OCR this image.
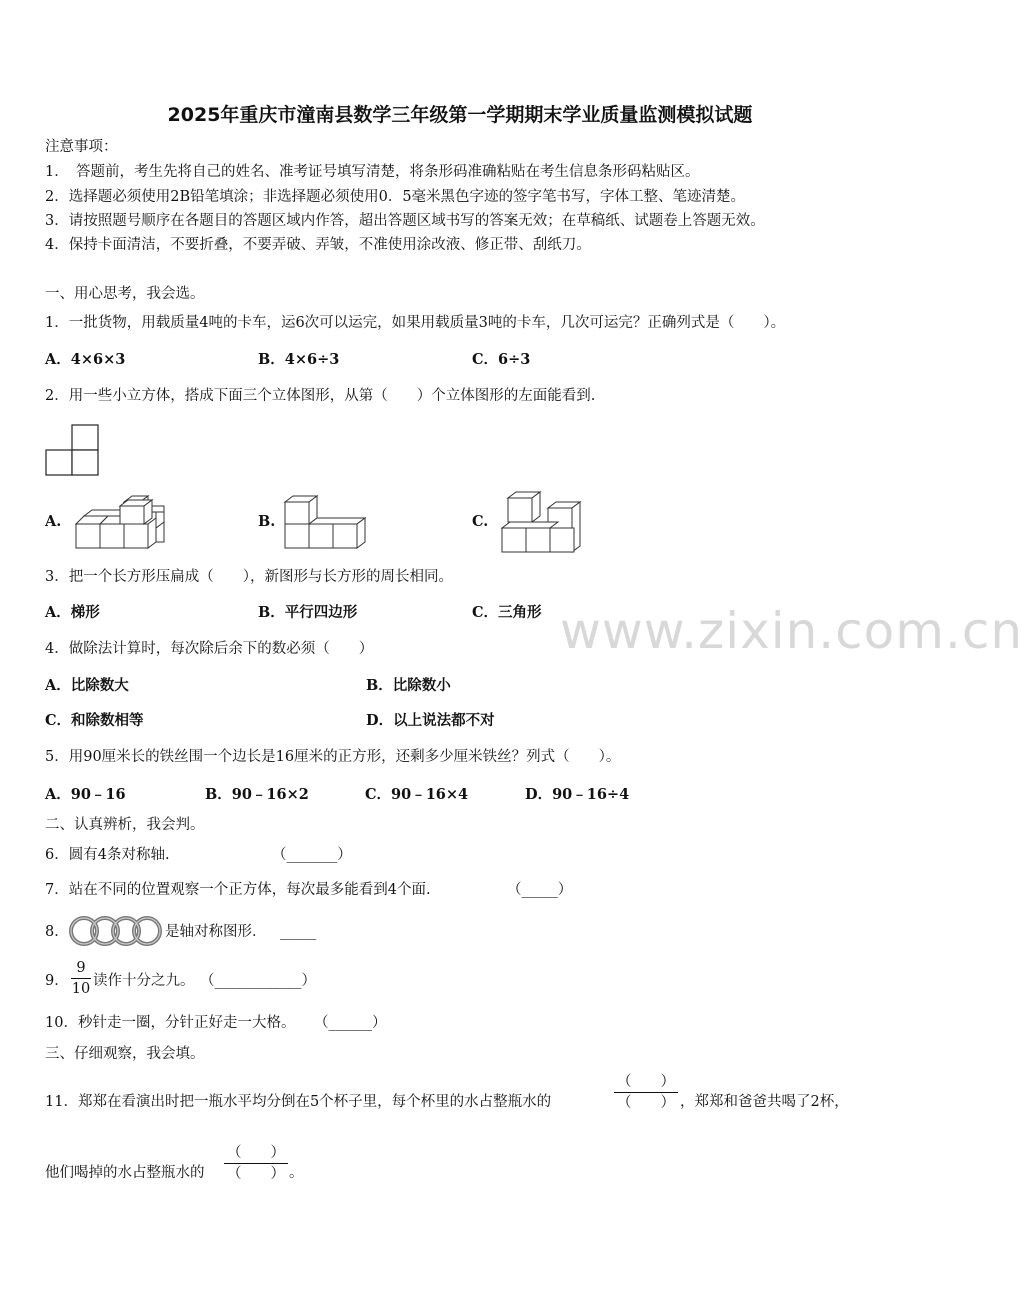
www.zixin.com.cn
2025年重庆市潼南县数学三年级第一学期期末学业质量监测模拟试题
注意事项：
1．　答题前，考生先将自己的姓名、准考证号填写清楚，将条形码准确粘贴在考生信息条形码粘贴区。
2．选择题必须使用2B铅笔填涂；非选择题必须使用0．5毫米黑色字迹的签字笔书写，字体工整、笔迹清楚。
3．请按照题号顺序在各题目的答题区域内作答，超出答题区域书写的答案无效；在草稿纸、试题卷上答题无效。
4．保持卡面清洁，不要折叠，不要弄破、弄皱，不准使用涂改液、修正带、刮纸刀。
一、用心思考，我会选。
1．一批货物，用载质量4吨的卡车，运6次可以运完，如果用载质量3吨的卡车，几次可运完？正确列式是（　　）。
A．4×6×3	B．4×6÷3	C．6÷3
2．用一些小立方体，搭成下面三个立体图形，从第（　　）个立体图形的左面能看到.
A.	B.	C.
3．把一个长方形压扁成（　　），新图形与长方形的周长相同。
A．梯形	B．平行四边形	C．三角形
4．做除法计算时，每次除后余下的数必须（　　）
A．比除数大	B．比除数小
C．和除数相等	D．以上说法都不对
5．用90厘米长的铁丝围一个边长是16厘米的正方形，还剩多少厘米铁丝？列式（　　）。
A．90﹣16	B．90﹣16×2	C．90﹣16×4	D．90﹣16÷4
二、认真辨析，我会判。
6．圆有4条对称轴.	（_______）
7．站在不同的位置观察一个正方体，每次最多能看到4个面.	（_____）
8．	是轴对称图形． _____
9．
9
10 读作十分之九。 （____________）
10．秒针走一圈，分针正好走一大格。 （______）
三、仔细观察，我会填。
11．郑郑在看演出时把一瓶水平均分倒在5个杯子里，每个杯里的水占整瓶水的
（　　）
（　　） ，郑郑和爸爸共喝了2杯，
他们喝掉的水占整瓶水的
（　　）
（　　） 。
